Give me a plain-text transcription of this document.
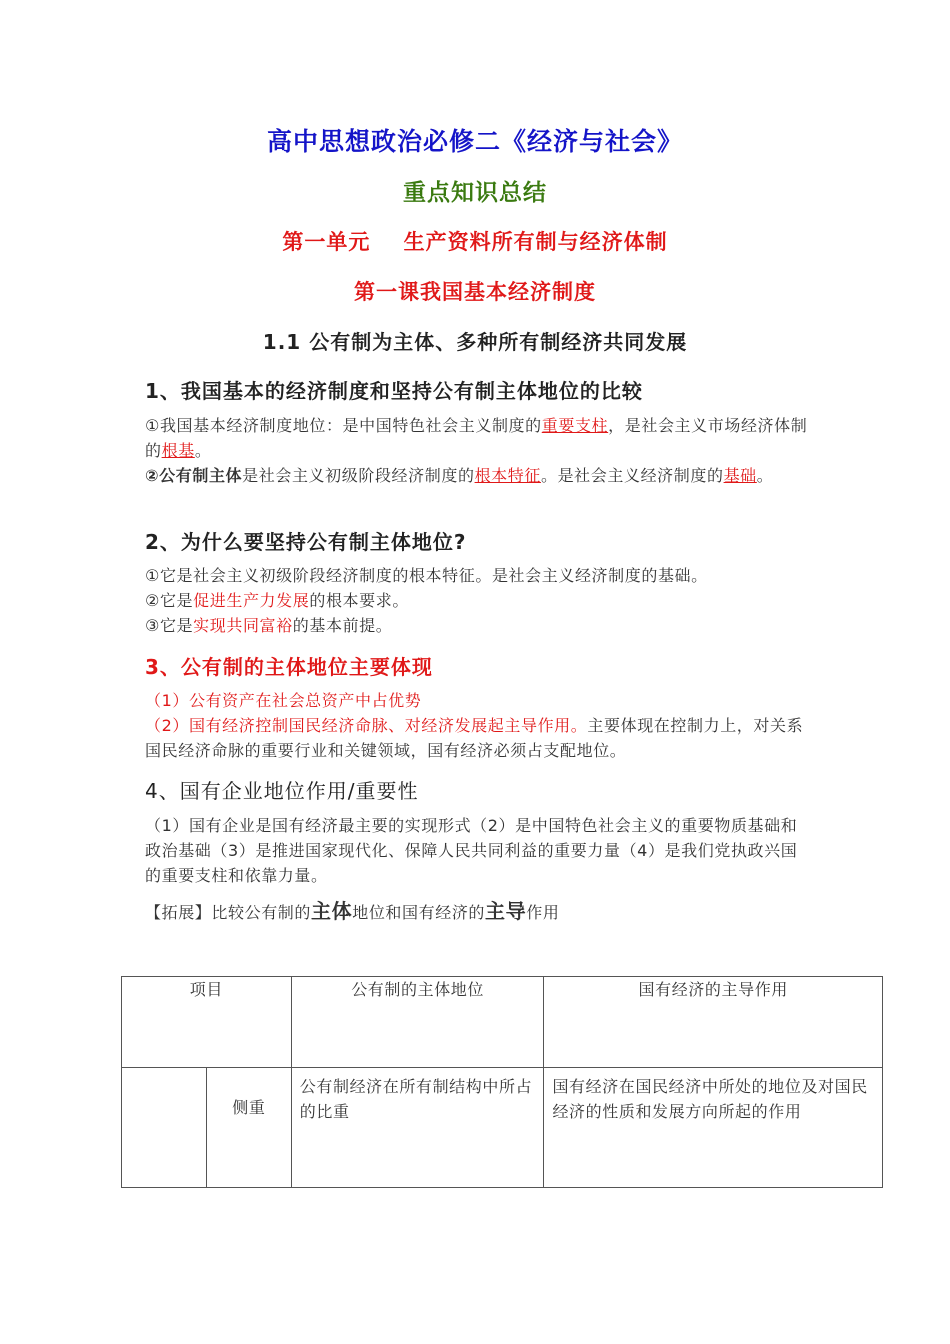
高中思想政治必修二《经济与社会》
重点知识总结
第一单元    生产资料所有制与经济体制
第一课我国基本经济制度
1.1 公有制为主体、多种所有制经济共同发展
1、我国基本的经济制度和坚持公有制主体地位的比较
①我国基本经济制度地位：是中国特色社会主义制度的重要支柱，是社会主义市场经济体制的根基。
②公有制主体是社会主义初级阶段经济制度的根本特征。是社会主义经济制度的基础。
2、为什么要坚持公有制主体地位?
①它是社会主义初级阶段经济制度的根本特征。是社会主义经济制度的基础。
②它是促进生产力发展的根本要求。
③它是实现共同富裕的基本前提。
3、公有制的主体地位主要体现
（1）公有资产在社会总资产中占优势
（2）国有经济控制国民经济命脉、对经济发展起主导作用。主要体现在控制力上，对关系国民经济命脉的重要行业和关键领域，国有经济必须占支配地位。
4、国有企业地位作用/重要性
（1）国有企业是国有经济最主要的实现形式（2）是中国特色社会主义的重要物质基础和政治基础（3）是推进国家现代化、保障人民共同利益的重要力量（4）是我们党执政兴国的重要支柱和依靠力量。
【拓展】比较公有制的主体地位和国有经济的主导作用
项目		公有制的主体地位	国有经济的主导作用
	侧重	公有制经济在所有制结构中所占的比重	国有经济在国民经济中所处的地位及对国民经济的性质和发展方向所起的作用
